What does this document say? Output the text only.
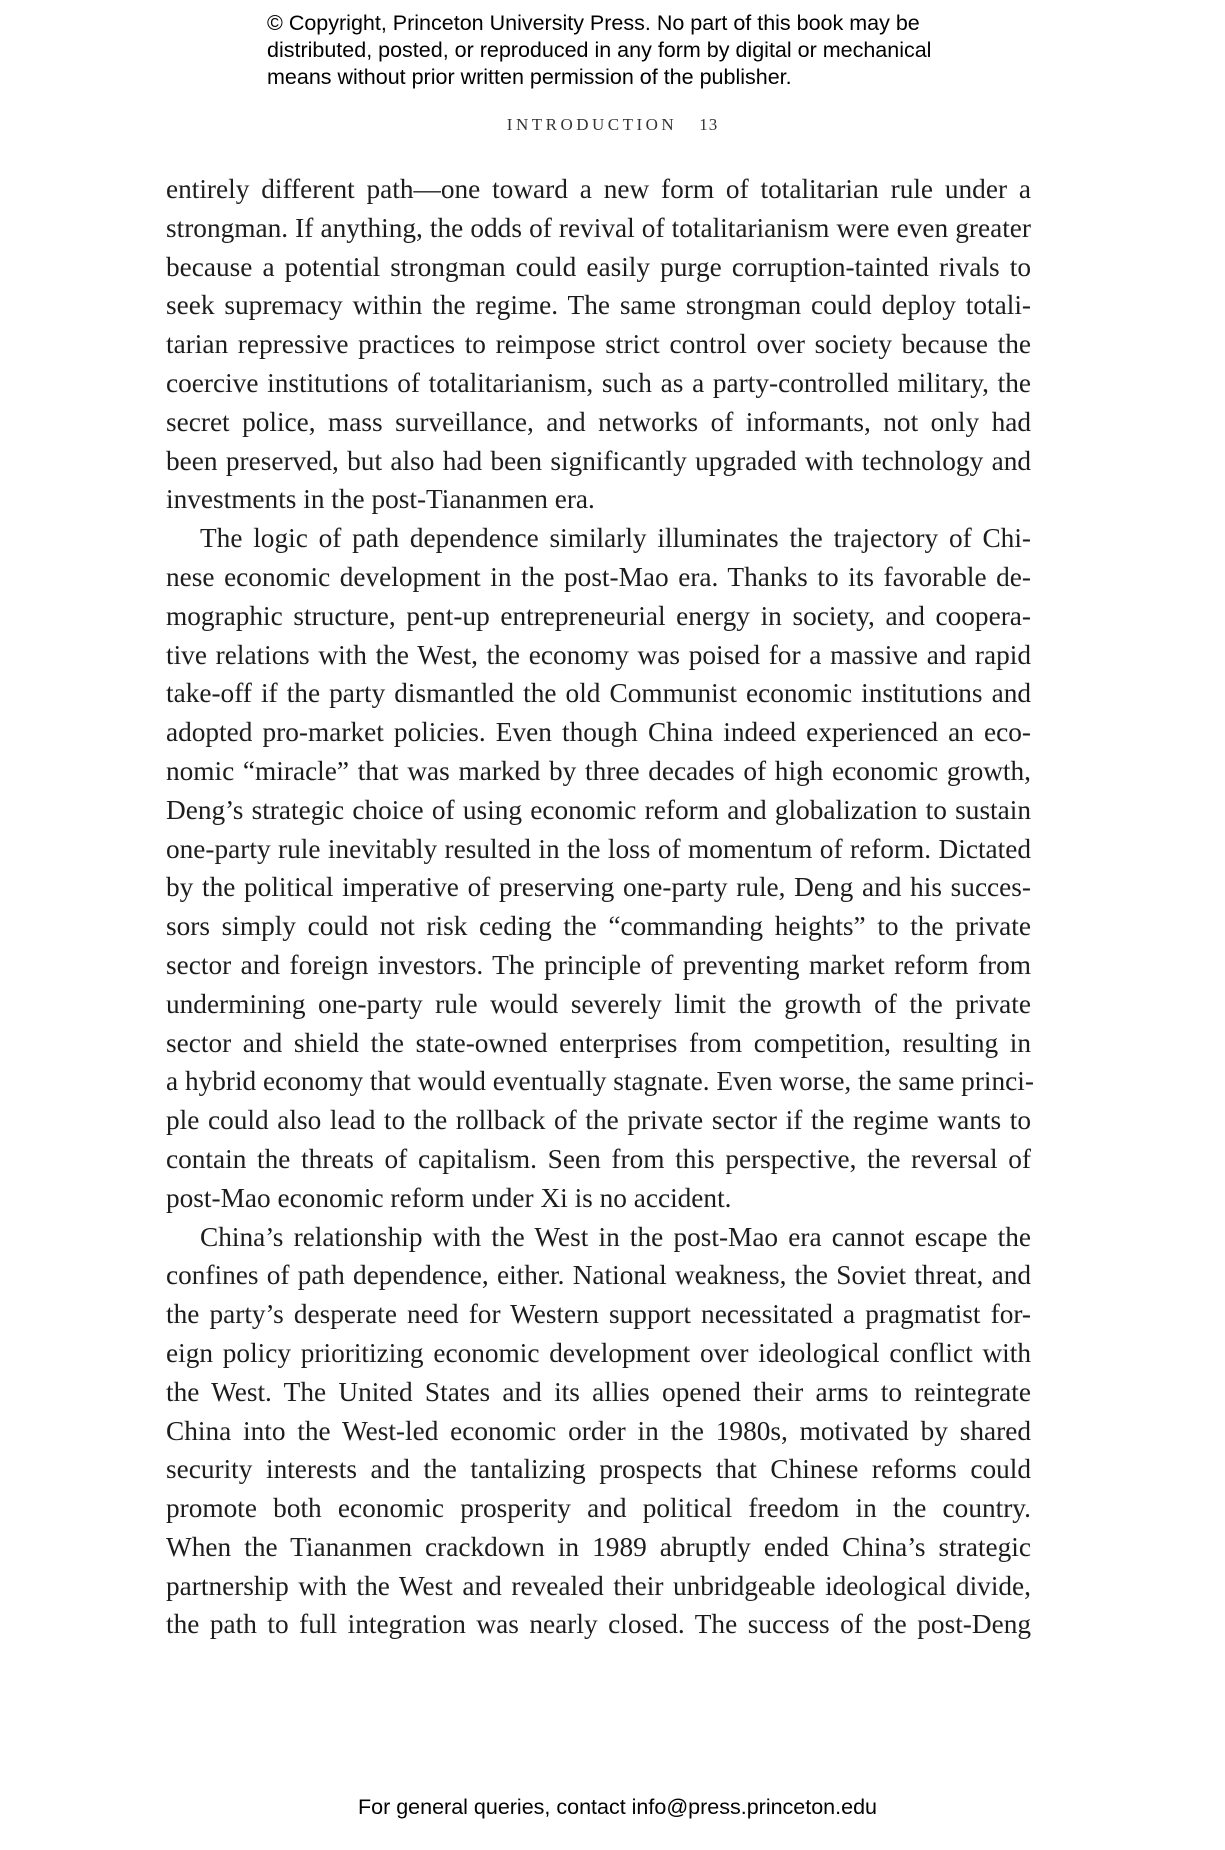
© Copyright, Princeton University Press. No part of this book may be
distributed, posted, or reproduced in any form by digital or mechanical
means without prior written permission of the publisher.
INTRODUCTION 13
entirely different path—one toward a new form of totalitarian rule under a
strongman. If anything, the odds of revival of totalitarianism were even greater
because a potential strongman could easily purge corruption-tainted rivals to
seek supremacy within the regime. The same strongman could deploy totali-
tarian repressive practices to reimpose strict control over society because the
coercive institutions of totalitarianism, such as a party-controlled military, the
secret police, mass surveillance, and networks of informants, not only had
been preserved, but also had been significantly upgraded with technology and
investments in the post-Tiananmen era.
The logic of path dependence similarly illuminates the trajectory of Chi-
nese economic development in the post-Mao era. Thanks to its favorable de-
mographic structure, pent-up entrepreneurial energy in society, and coopera-
tive relations with the West, the economy was poised for a massive and rapid
take-off if the party dismantled the old Communist economic institutions and
adopted pro-market policies. Even though China indeed experienced an eco-
nomic “miracle” that was marked by three decades of high economic growth,
Deng’s strategic choice of using economic reform and globalization to sustain
one-party rule inevitably resulted in the loss of momentum of reform. Dictated
by the political imperative of preserving one-party rule, Deng and his succes-
sors simply could not risk ceding the “commanding heights” to the private
sector and foreign investors. The principle of preventing market reform from
undermining one-party rule would severely limit the growth of the private
sector and shield the state-owned enterprises from competition, resulting in
a hybrid economy that would eventually stagnate. Even worse, the same princi-
ple could also lead to the rollback of the private sector if the regime wants to
contain the threats of capitalism. Seen from this perspective, the reversal of
post-Mao economic reform under Xi is no accident.
China’s relationship with the West in the post-Mao era cannot escape the
confines of path dependence, either. National weakness, the Soviet threat, and
the party’s desperate need for Western support necessitated a pragmatist for-
eign policy prioritizing economic development over ideological conflict with
the West. The United States and its allies opened their arms to reintegrate
China into the West-led economic order in the 1980s, motivated by shared
security interests and the tantalizing prospects that Chinese reforms could
promote both economic prosperity and political freedom in the country.
When the Tiananmen crackdown in 1989 abruptly ended China’s strategic
partnership with the West and revealed their unbridgeable ideological divide,
the path to full integration was nearly closed. The success of the post-Deng
For general queries, contact info@press.princeton.edu
